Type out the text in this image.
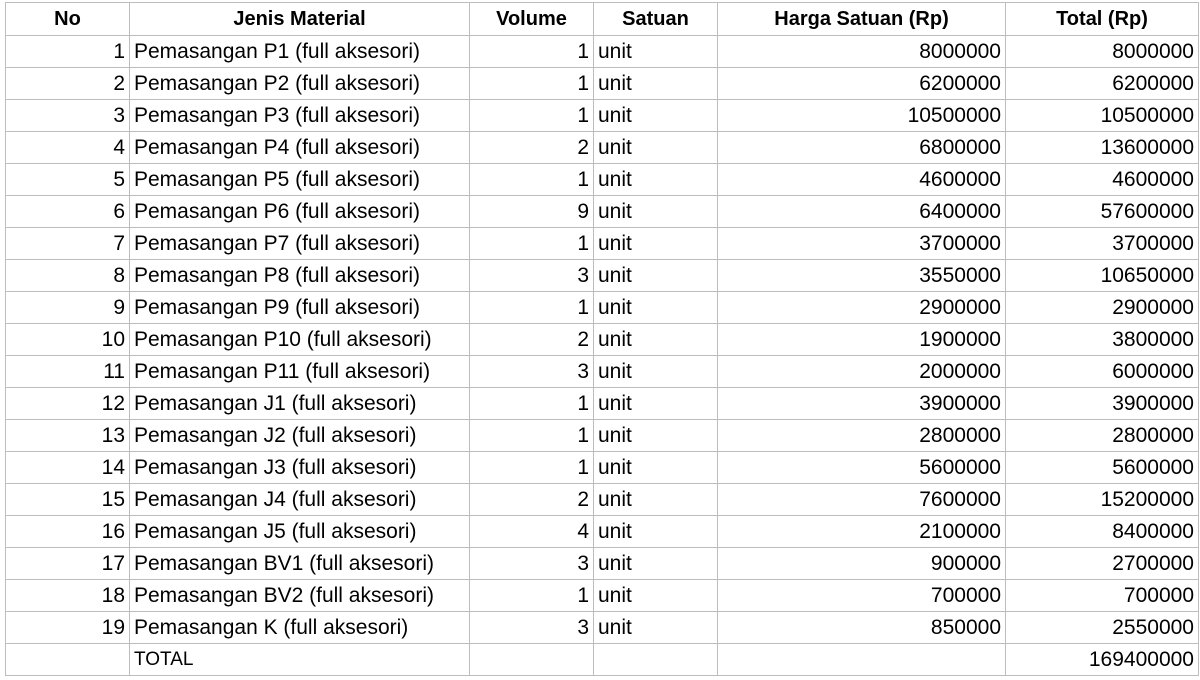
No	Jenis Material	Volume	Satuan	Harga Satuan (Rp)	Total (Rp)
1	Pemasangan P1 (full aksesori)	1	unit	8000000	8000000
2	Pemasangan P2 (full aksesori)	1	unit	6200000	6200000
3	Pemasangan P3 (full aksesori)	1	unit	10500000	10500000
4	Pemasangan P4 (full aksesori)	2	unit	6800000	13600000
5	Pemasangan P5 (full aksesori)	1	unit	4600000	4600000
6	Pemasangan P6 (full aksesori)	9	unit	6400000	57600000
7	Pemasangan P7 (full aksesori)	1	unit	3700000	3700000
8	Pemasangan P8 (full aksesori)	3	unit	3550000	10650000
9	Pemasangan P9 (full aksesori)	1	unit	2900000	2900000
10	Pemasangan P10 (full aksesori)	2	unit	1900000	3800000
11	Pemasangan P11 (full aksesori)	3	unit	2000000	6000000
12	Pemasangan J1 (full aksesori)	1	unit	3900000	3900000
13	Pemasangan J2 (full aksesori)	1	unit	2800000	2800000
14	Pemasangan J3 (full aksesori)	1	unit	5600000	5600000
15	Pemasangan J4 (full aksesori)	2	unit	7600000	15200000
16	Pemasangan J5 (full aksesori)	4	unit	2100000	8400000
17	Pemasangan BV1 (full aksesori)	3	unit	900000	2700000
18	Pemasangan BV2 (full aksesori)	1	unit	700000	700000
19	Pemasangan K (full aksesori)	3	unit	850000	2550000
	TOTAL				169400000
